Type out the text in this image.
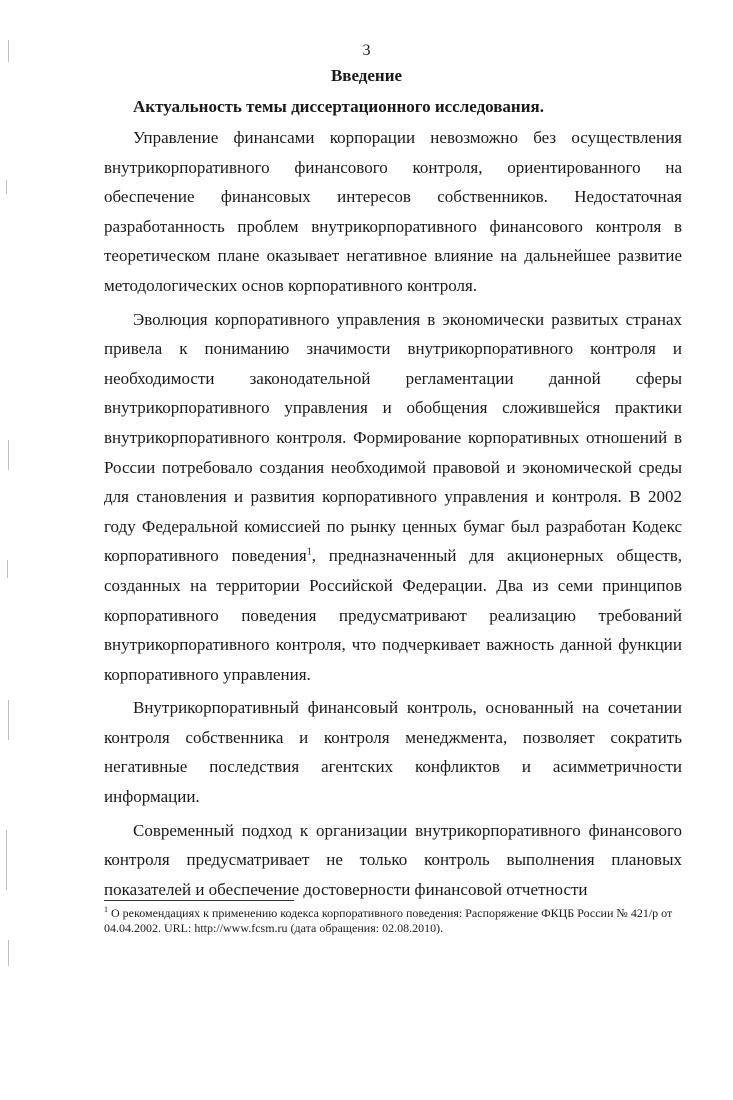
3
Введение
Актуальность темы диссертационного исследования.

Управление финансами корпорации невозможно без осуществления внутрикорпоративного финансового контроля, ориентированного на обеспечение финансовых интересов собственников. Недостаточная разработанность проблем внутрикорпоративного финансового контроля в теоретическом плане оказывает негативное влияние на дальнейшее развитие методологических основ корпоративного контроля.

Эволюция корпоративного управления в экономически развитых странах привела к пониманию значимости внутрикорпоративного контроля и необходимости законодательной регламентации данной сферы внутрикорпоративного управления и обобщения сложившейся практики внутрикорпоративного контроля. Формирование корпоративных отношений в России потребовало создания необходимой правовой и экономической среды для становления и развития корпоративного управления и контроля. В 2002 году Федеральной комиссией по рынку ценных бумаг был разработан Кодекс корпоративного поведения$^1$, предназначенный для акционерных обществ, созданных на территории Российской Федерации. Два из семи принципов корпоративного поведения предусматривают реализацию требований внутрикорпоративного контроля, что подчеркивает важность данной функции корпоративного управления.

Внутрикорпоративный финансовый контроль, основанный на сочетании контроля собственника и контроля менеджмента, позволяет сократить негативные последствия агентских конфликтов и асимметричности информации.

Современный подход к организации внутрикорпоративного финансового контроля предусматривает не только контроль выполнения плановых показателей и обеспечение достоверности финансовой отчетности

$^1$ О рекомендациях к применению кодекса корпоративного поведения: Распоряжение ФКЦБ России № 421/р от 04.04.2002. URL: http://www.fcsm.ru (дата обращения: 02.08.2010).
